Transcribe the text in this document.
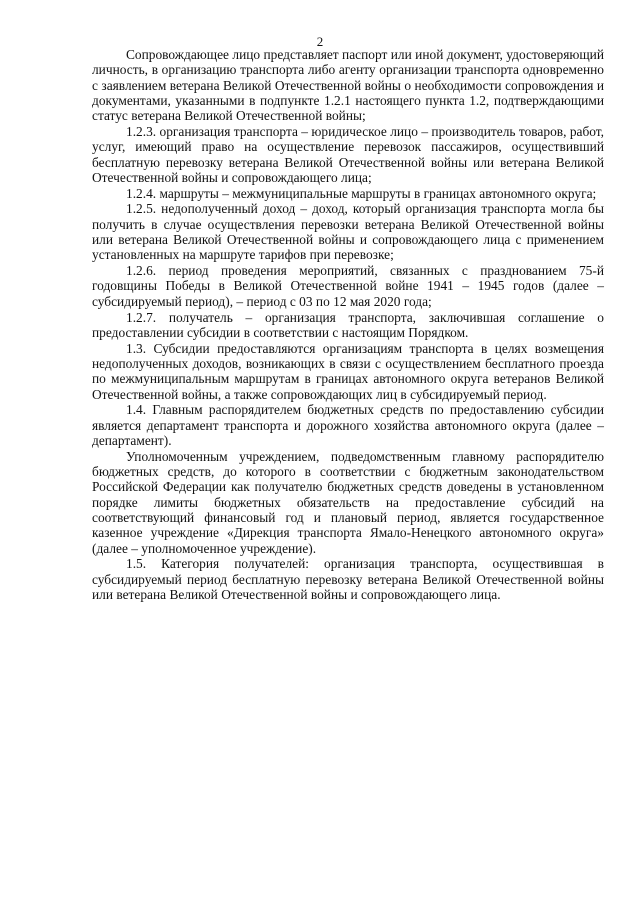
2

Сопровождающее лицо представляет паспорт или иной документ, удостоверяющий личность, в организацию транспорта либо агенту организации транспорта одновременно с заявлением ветерана Великой Отечественной войны о необходимости сопровождения и документами, указанными в подпункте 1.2.1 настоящего пункта 1.2, подтверждающими статус ветерана Великой Отечественной войны;

1.2.3. организация транспорта – юридическое лицо – производитель товаров, работ, услуг, имеющий право на осуществление перевозок пассажиров, осуществивший бесплатную перевозку ветерана Великой Отечественной войны или ветерана Великой Отечественной войны и сопровождающего лица;

1.2.4. маршруты – межмуниципальные маршруты в границах автономного округа;

1.2.5. недополученный доход – доход, который организация транспорта могла бы получить в случае осуществления перевозки ветерана Великой Отечественной войны или ветерана Великой Отечественной войны и сопровождающего лица с применением установленных на маршруте тарифов при перевозке;

1.2.6. период проведения мероприятий, связанных с празднованием 75-й годовщины Победы в Великой Отечественной войне 1941 – 1945 годов (далее – субсидируемый период), – период с 03 по 12 мая 2020 года;

1.2.7. получатель – организация транспорта, заключившая соглашение о предоставлении субсидии в соответствии с настоящим Порядком.

1.3. Субсидии предоставляются организациям транспорта в целях возмещения недополученных доходов, возникающих в связи с осуществлением бесплатного проезда по межмуниципальным маршрутам в границах автономного округа ветеранов Великой Отечественной войны, а также сопровождающих лиц в субсидируемый период.

1.4. Главным распорядителем бюджетных средств по предоставлению субсидии является департамент транспорта и дорожного хозяйства автономного округа (далее – департамент).

Уполномоченным учреждением, подведомственным главному распорядителю бюджетных средств, до которого в соответствии с бюджетным законодательством Российской Федерации как получателю бюджетных средств доведены в установленном порядке лимиты бюджетных обязательств на предоставление субсидий на соответствующий финансовый год и плановый период, является государственное казенное учреждение «Дирекция транспорта Ямало-Ненецкого автономного округа» (далее – уполномоченное учреждение).

1.5. Категория получателей: организация транспорта, осуществившая в субсидируемый период бесплатную перевозку ветерана Великой Отечественной войны или ветерана Великой Отечественной войны и сопровождающего лица.
